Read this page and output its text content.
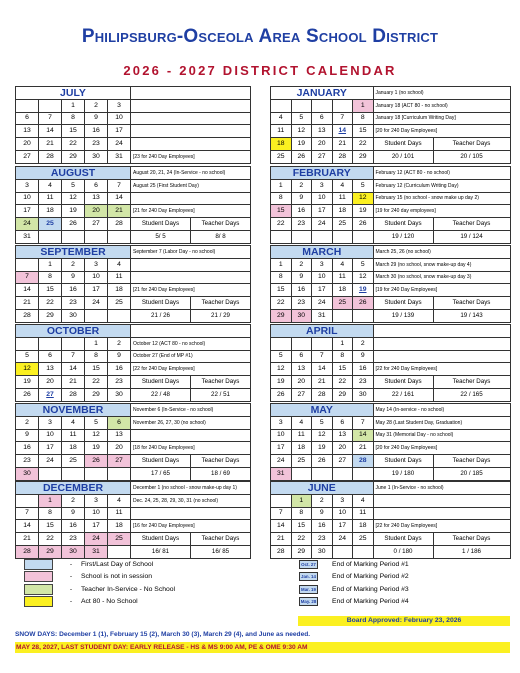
Philipsburg-Osceola Area School District
2026 - 2027 DISTRICT CALENDAR
JULY					
		1	2	3	
6	7	8	9	10	
13	14	15	16	17	
20	21	22	23	24	
27	28	29	30	31	[23 for 240 Day Employees]
AUGUST					August 20, 21, 24 (In-Service - no school)	
3	4	5	6	7	August 25 (First Student Day)	
10	11	12	13	14		
17	18	19	20	21	[21 for 240 Day Employees]	
24	25	26	27	28	Student Days	Teacher Days
31					5/ 5	8/ 8
SEPTEMBER					September 7 (Labor Day - no school)	
	1	2	3	4		
7	8	9	10	11		
14	15	16	17	18	[21 for 240 Day Employees]	
21	22	23	24	25	Student Days	Teacher Days
28	29	30			21 / 26	21 / 29
OCTOBER						
			1	2	October 12 (ACT 80 - no school)	
5	6	7	8	9	October 27 (End of MP #1)	
12	13	14	15	16	[22 for 240 Day Employees]	
19	20	21	22	23	Student Days	Teacher Days
26	27	28	29	30	22 / 48	22 / 51
NOVEMBER					November 6 (In-Service - no school)	
2	3	4	5	6	November 26, 27, 30 (no school)	
9	10	11	12	13		
16	17	18	19	20	[18 for 240 Day Employees]	
23	24	25	26	27	Student Days	Teacher Days
30					17 / 65	18 / 69
DECEMBER					December 1 (no school - snow make-up day 1)	
	1	2	3	4	Dec. 24, 25, 28, 29, 30, 31 (no school)	
7	8	9	10	11		
14	15	16	17	18	[16 for 240 Day Employees]	
21	22	23	24	25	Student Days	Teacher Days
28	29	30	31		16/ 81	16/ 85
JANUARY					January 1 (no school)	
				1	January 18 (ACT 80 - no school)	
4	5	6	7	8	January 18 [Curriculum Writing Day]	
11	12	13	14	15	[20 for 240 Day Employees]	
18	19	20	21	22	Student Days	Teacher Days
25	26	27	28	29	20 / 101	20 / 105
FEBRUARY					February 12 (ACT 80 - no school)	
1	2	3	4	5	February 12 (Curriculum Writing Day)	
8	9	10	11	12	February 15 (no school - snow make up day 2)	
15	16	17	18	19	[19 for 240 day employees]	
22	23	24	25	26	Student Days	Teacher Days
					19 / 120	19 / 124
MARCH					March 25, 26 (no school)	
1	2	3	4	5	March 29 (no school, snow make-up day 4)	
8	9	10	11	12	March 30 (no school, snow make-up day 3)	
15	16	17	18	19	[19 for 240 Day Employees]	
22	23	24	25	26	Student Days	Teacher Days
29	30	31			19 / 139	19 / 143
APRIL						
			1	2		
5	6	7	8	9		
12	13	14	15	16	[22 for 240 Day Employees]	
19	20	21	22	23	Student Days	Teacher Days
26	27	28	29	30	22 / 161	22 / 165
MAY					May 14 (In-service - no school)	
3	4	5	6	7	May 28 (Last Student Day, Graduation)	
10	11	12	13	14	May 31 (Memorial Day - no school)	
17	18	19	20	21	[20 for 240 Day Employees]	
24	25	26	27	28	Student Days	Teacher Days
31					19 / 180	20 / 185
JUNE					June 1 (In-Service - no school)	
	1	2	3	4		
7	8	9	10	11		
14	15	16	17	18	[22 for 240 Day Employees]	
21	22	23	24	25	Student Days	Teacher Days
28	29	30			0 / 180	1 / 186
-	First/Last Day of School
-	School is not in session
-	Teacher In-Service - No School
-	Act 80 - No School
Oct. 27	End of Marking Period #1
Jan. 14	End of Marking Period #2
Mar. 19	End of Marking Period #3
May. 28 End of Marking Period #4
Board Approved: February 23, 2026
SNOW DAYS: December 1 (1), February 15 (2), March 30 (3), March 29 (4), and June as needed.
MAY 28, 2027, LAST STUDENT DAY: EARLY RELEASE - HS & MS 9:00 AM, PE & OME 9:30 AM
